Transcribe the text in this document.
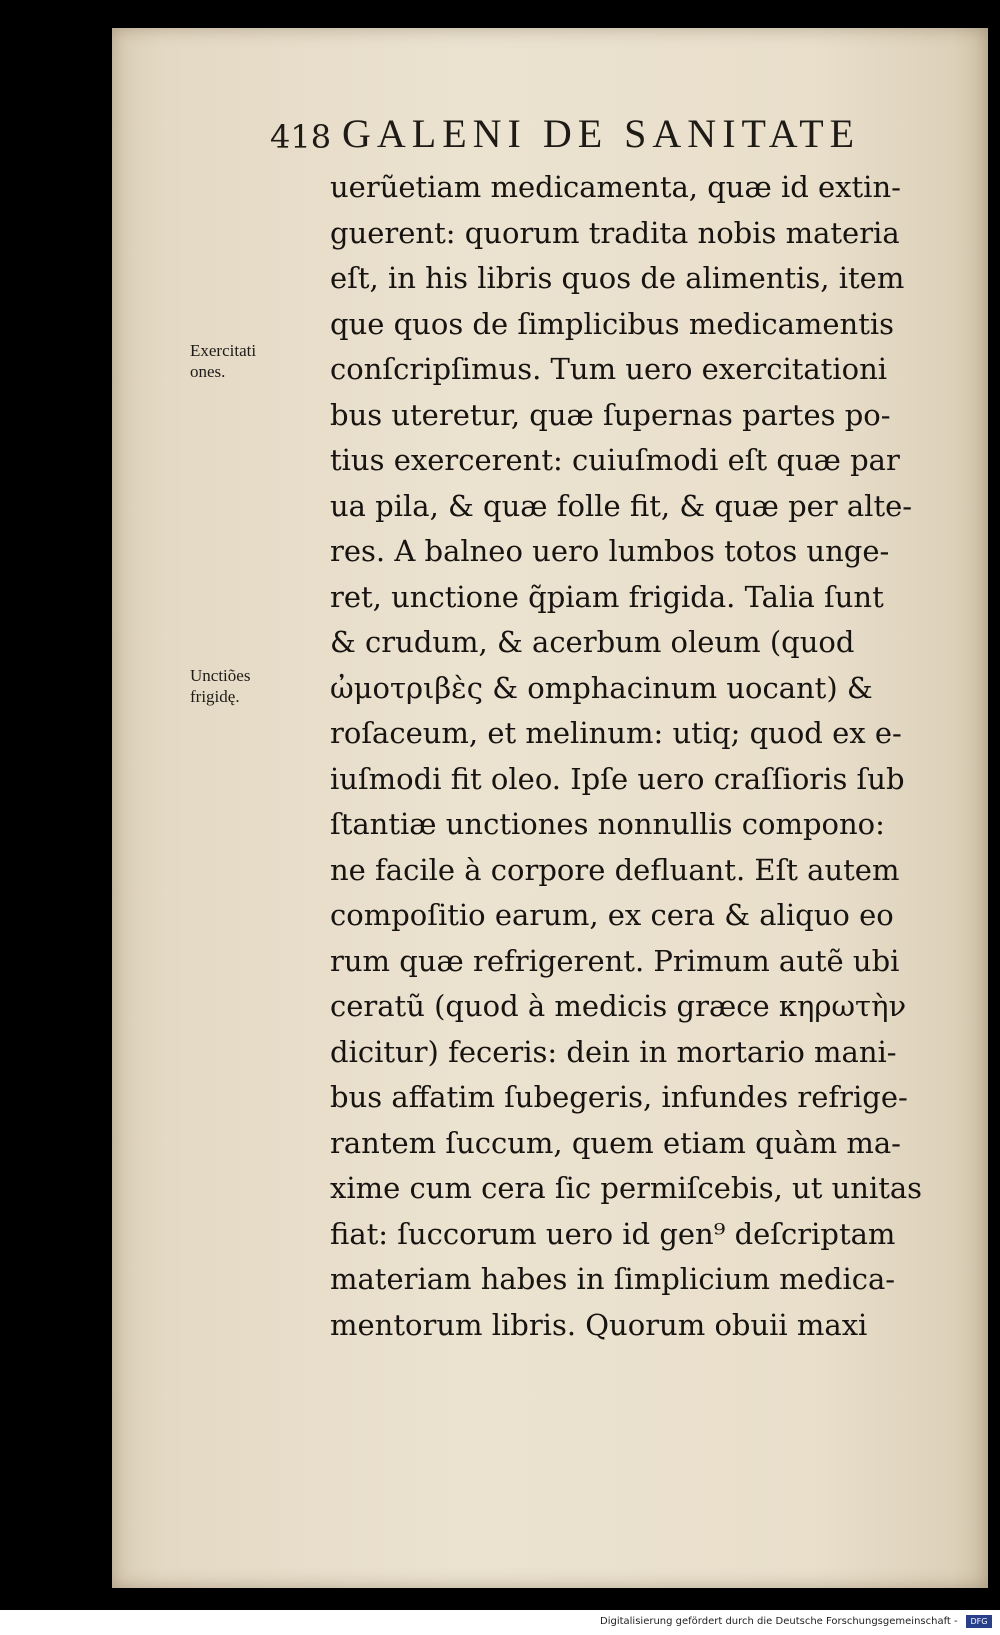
418 GALENI DE SANITATE
Exercitati
ones.
Unctiões
frigidę.
uerũetiam medicamenta, quæ id extin-
guerent: quorum tradita nobis materia
eſt, in his libris quos de alimentis, item
que quos de ſimplicibus medicamentis
conſcripſimus. Tum uero exercitationi
bus uteretur, quæ ſupernas partes po-
tius exercerent: cuiuſmodi eſt quæ par
ua pila, & quæ folle fit, & quæ per alte-
res. A balneo uero lumbos totos unge-
ret, unctione q̃piam frigida. Talia ſunt
& crudum, & acerbum oleum (quod
ὠμοτριβὲς & omphacinum uocant) &
roſaceum, et melinum: utiq; quod ex e-
iuſmodi fit oleo. Ipſe uero craſſioris ſub
ſtantiæ unctiones nonnullis compono:
ne facile à corpore defluant. Eſt autem
compoſitio earum, ex cera & aliquo eo
rum quæ refrigerent. Primum autẽ ubi
ceratũ (quod à medicis græce κηρωτὴν
dicitur) feceris: dein in mortario mani-
bus affatim ſubegeris, infundes refrige-
rantem ſuccum, quem etiam quàm ma-
xime cum cera ſic permiſcebis, ut unitas
fiat: ſuccorum uero id gen⁹ deſcriptam
materiam habes in ſimplicium medica-
mentorum libris. Quorum obuii maxi
Digitalisierung gefördert durch die Deutsche Forschungsgemeinschaft -	DFG
